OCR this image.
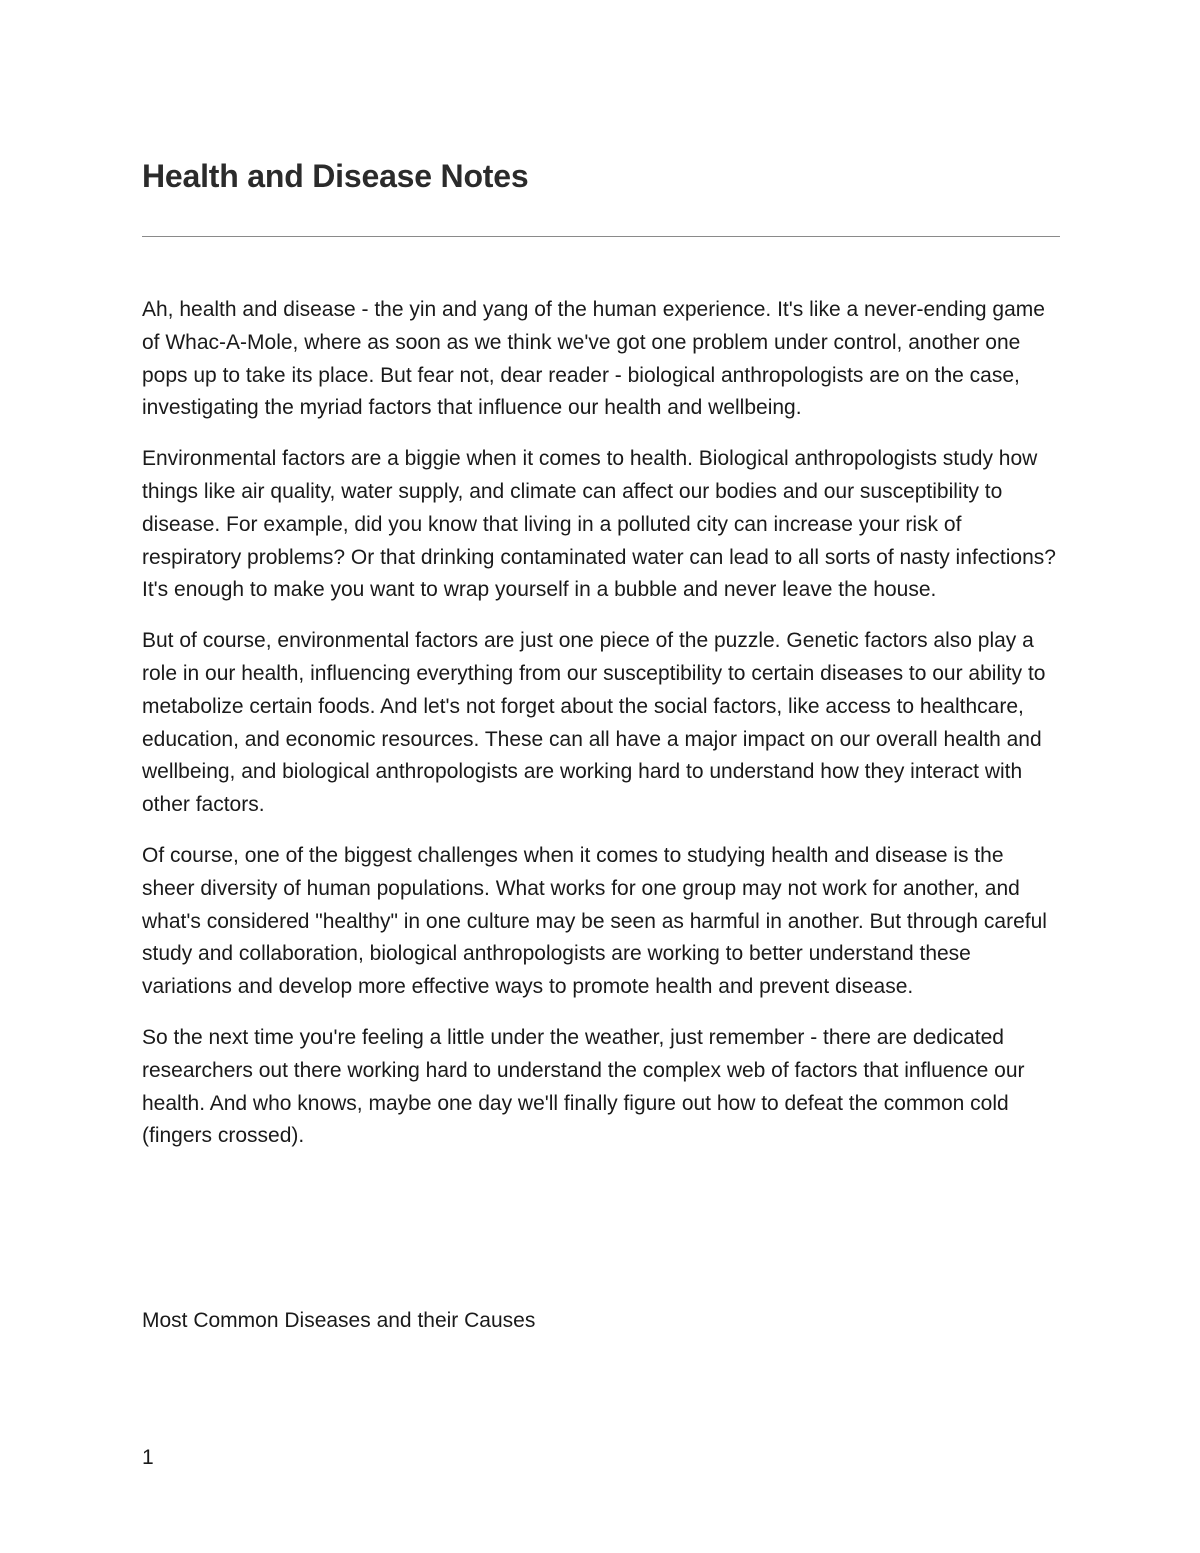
Health and Disease Notes

Ah, health and disease - the yin and yang of the human experience. It's like a never-ending game of Whac-A-Mole, where as soon as we think we've got one problem under control, another one pops up to take its place. But fear not, dear reader - biological anthropologists are on the case, investigating the myriad factors that influence our health and wellbeing.

Environmental factors are a biggie when it comes to health. Biological anthropologists study how things like air quality, water supply, and climate can affect our bodies and our susceptibility to disease. For example, did you know that living in a polluted city can increase your risk of respiratory problems? Or that drinking contaminated water can lead to all sorts of nasty infections? It's enough to make you want to wrap yourself in a bubble and never leave the house.

But of course, environmental factors are just one piece of the puzzle. Genetic factors also play a role in our health, influencing everything from our susceptibility to certain diseases to our ability to metabolize certain foods. And let's not forget about the social factors, like access to healthcare, education, and economic resources. These can all have a major impact on our overall health and wellbeing, and biological anthropologists are working hard to understand how they interact with other factors.

Of course, one of the biggest challenges when it comes to studying health and disease is the sheer diversity of human populations. What works for one group may not work for another, and what's considered "healthy" in one culture may be seen as harmful in another. But through careful study and collaboration, biological anthropologists are working to better understand these variations and develop more effective ways to promote health and prevent disease.

So the next time you're feeling a little under the weather, just remember - there are dedicated researchers out there working hard to understand the complex web of factors that influence our health. And who knows, maybe one day we'll finally figure out how to defeat the common cold (fingers crossed).

Most Common Diseases and their Causes
1
